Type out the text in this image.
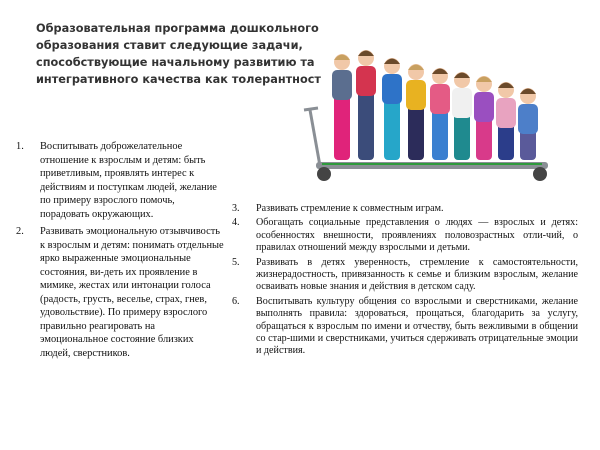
Образовательная программа дошкольного
образования ставит следующие задачи,
способствующие начальному развитию та
интегративного качества как толерантност
1. Воспитывать доброжелательное отношение к взрослым и детям: быть приветливым, проявлять интерес к действиям и поступкам людей, желание по примеру взрослого помочь, порадовать окружающих.
2. Развивать эмоциональную отзывчивость к взрослым и детям: понимать отдельные ярко выраженные эмоциональные состояния, ви-деть их проявление в мимике, жестах или интонации голоса (радость, грусть, веселье, страх, гнев, удовольствие). По примеру взрослого правильно реагировать на эмоциональное состояние близких людей, сверстников.
3. Развивать стремление к совместным играм.
4. Обогащать социальные представления о людях — взрослых и детях: особенностях внешности, проявлениях половозрастных отли-чий, о правилах отношений между взрослыми и детьми.
5. Развивать в детях уверенность, стремление к самостоятельности, жизнерадостность, привязанность к семье и близким взрослым, желание осваивать новые знания и действия в детском саду.
6. Воспитывать культуру общения со взрослыми и сверстниками, желание выполнять правила: здороваться, прощаться, благодарить за услугу, обращаться к взрослым по имени и отчеству, быть вежливыми в общении со стар-шими и сверстниками, учиться сдерживать отрицательные эмоции и действия.
